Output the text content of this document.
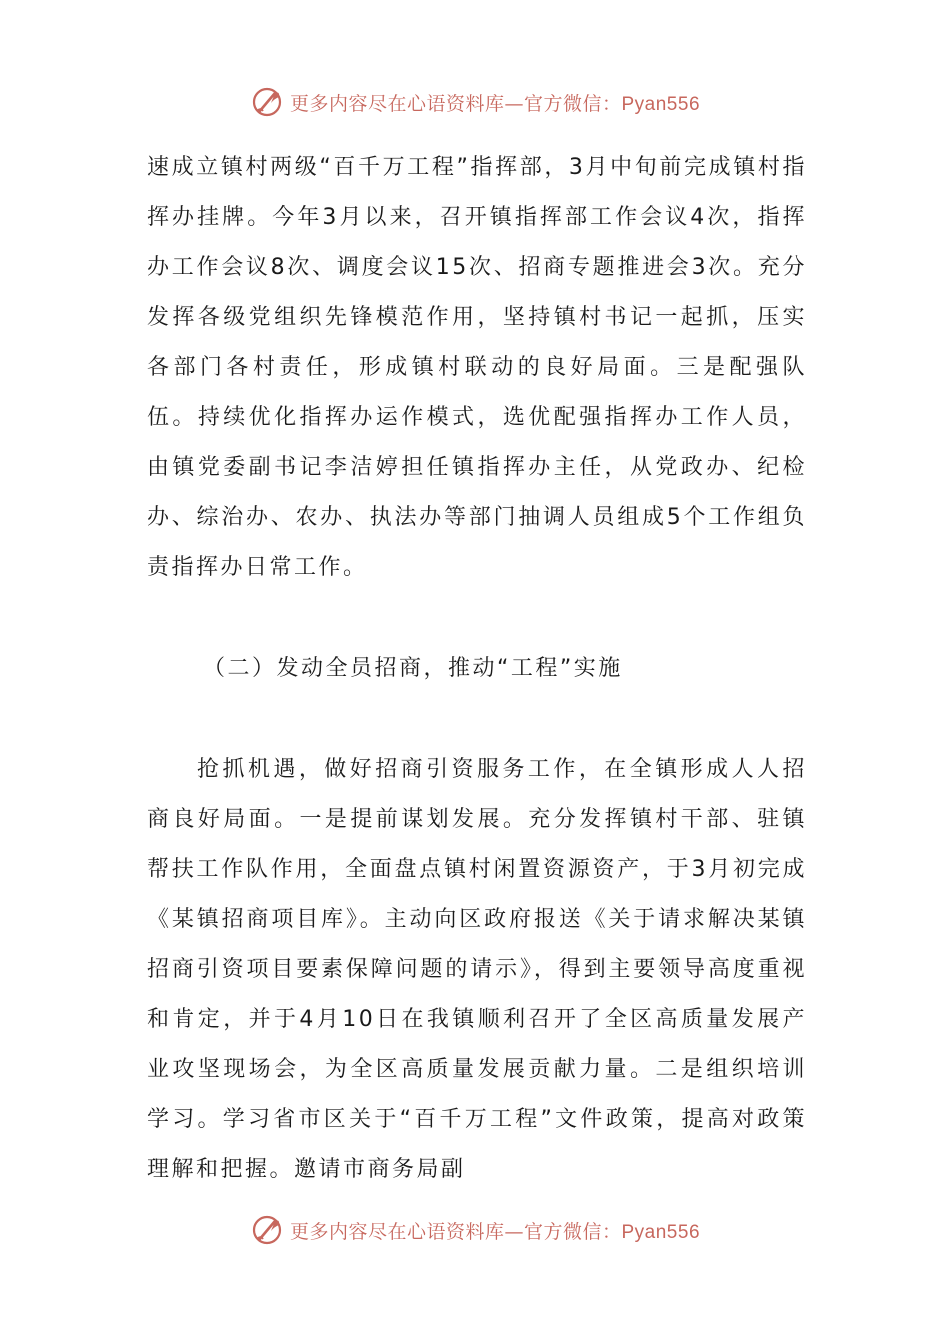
更多内容尽在心语资料库—官方微信：Pyan556

速成立镇村两级“百千万工程”指挥部，3月中旬前完成镇村指挥办挂牌。今年3月以来，召开镇指挥部工作会议4次，指挥办工作会议8次、调度会议15次、招商专题推进会3次。充分发挥各级党组织先锋模范作用，坚持镇村书记一起抓，压实各部门各村责任，形成镇村联动的良好局面。三是配强队伍。持续优化指挥办运作模式，选优配强指挥办工作人员，由镇党委副书记李洁婷担任镇指挥办主任，从党政办、纪检办、综治办、农办、执法办等部门抽调人员组成5个工作组负责指挥办日常工作。

（二）发动全员招商，推动“工程”实施

抢抓机遇，做好招商引资服务工作，在全镇形成人人招商良好局面。一是提前谋划发展。充分发挥镇村干部、驻镇帮扶工作队作用，全面盘点镇村闲置资源资产，于3月初完成《某镇招商项目库》。主动向区政府报送《关于请求解决某镇招商引资项目要素保障问题的请示》，得到主要领导高度重视和肯定，并于4月10日在我镇顺利召开了全区高质量发展产业攻坚现场会，为全区高质量发展贡献力量。二是组织培训学习。学习省市区关于“百千万工程”文件政策，提高对政策理解和把握。邀请市商务局副

更多内容尽在心语资料库—官方微信：Pyan556
